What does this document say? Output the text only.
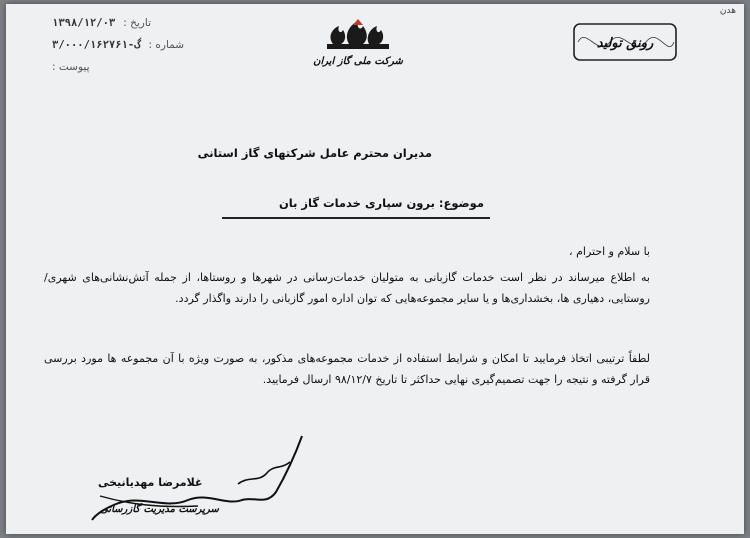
هدن
تاریخ :
۱۳۹۸/۱۲/۰۳
شماره :
گ-۳/۰۰۰/۱۶۲۷۶۱
پیوست :	شرکت ملی گاز ایران
رونق تولید
مدیران محترم عامل شرکتهای گاز استانی
موضوع: برون سپاری خدمات گاز بان
با سلام و احترام ،

به اطلاع میرساند در نظر است خدمات گازبانی به متولیان خدمات‌رسانی در شهرها و روستاها، از جمله آتش‌نشانی‌های شهری/روستایی، دهیاری ها، بخشداری‌ها و یا سایر مجموعه‌هایی که توان اداره امور گازبانی را دارند واگذار گردد.

لطفاً ترتیبی اتخاذ فرمایید تا امکان و شرایط استفاده از خدمات مجموعه‌های مذکور، به صورت ویژه با آن مجموعه ها مورد بررسی قرار گرفته و نتیجه را جهت تصمیم‌گیری نهایی حداکثر تا تاریخ ۹۸/۱۲/۷ ارسال فرمایید.

غلامرضا مهدیانیخی
سرپرست مدیریت گازرسانی
